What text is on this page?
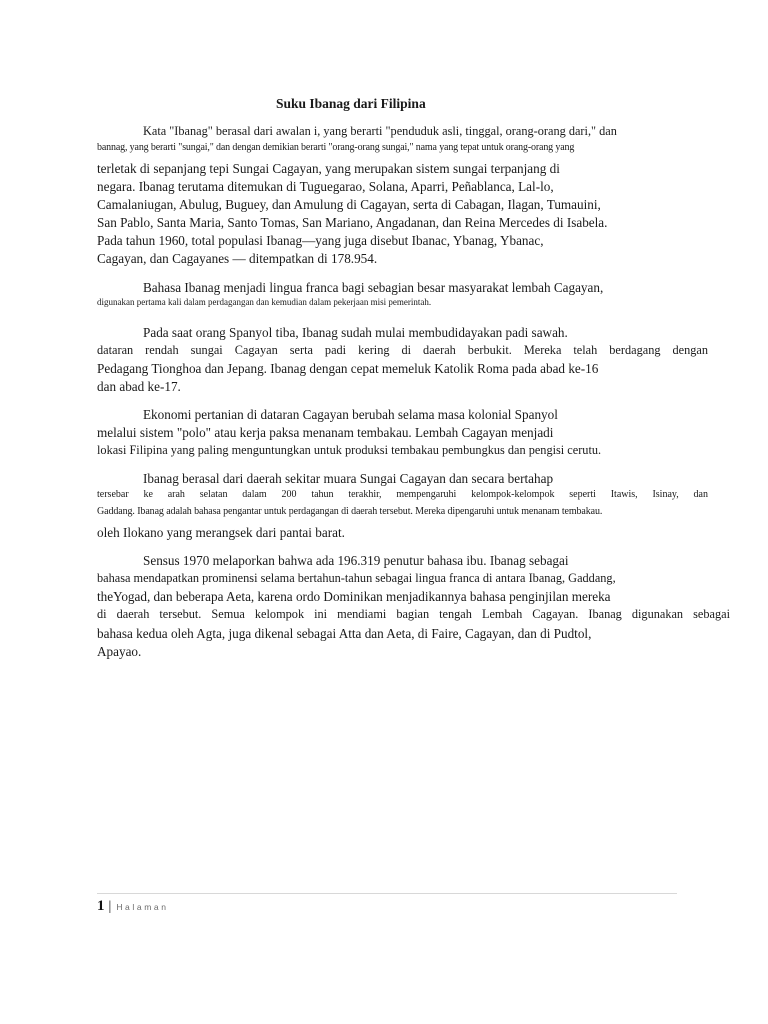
Suku Ibanag dari Filipina
Kata "Ibanag" berasal dari awalan i, yang berarti "penduduk asli, tinggal, orang-orang dari," dan
bannag, yang berarti "sungai," dan dengan demikian berarti "orang-orang sungai," nama yang tepat untuk orang-orang yang
terletak di sepanjang tepi Sungai Cagayan, yang merupakan sistem sungai terpanjang di
negara. Ibanag terutama ditemukan di Tuguegarao, Solana, Aparri, Peñablanca, Lal-lo,
Camalaniugan, Abulug, Buguey, dan Amulung di Cagayan, serta di Cabagan, Ilagan, Tumauini,
San Pablo, Santa Maria, Santo Tomas, San Mariano, Angadanan, dan Reina Mercedes di Isabela.
Pada tahun 1960, total populasi Ibanag—yang juga disebut Ibanac, Ybanag, Ybanac,
Cagayan, dan Cagayanes — ditempatkan di 178.954.
Bahasa Ibanag menjadi lingua franca bagi sebagian besar masyarakat lembah Cagayan,
digunakan pertama kali dalam perdagangan dan kemudian dalam pekerjaan misi pemerintah.
Pada saat orang Spanyol tiba, Ibanag sudah mulai membudidayakan padi sawah.
dataran rendah sungai Cagayan serta padi kering di daerah berbukit. Mereka telah berdagang dengan
Pedagang Tionghoa dan Jepang. Ibanag dengan cepat memeluk Katolik Roma pada abad ke-16
dan abad ke-17.
Ekonomi pertanian di dataran Cagayan berubah selama masa kolonial Spanyol
melalui sistem "polo" atau kerja paksa menanam tembakau. Lembah Cagayan menjadi
lokasi Filipina yang paling menguntungkan untuk produksi tembakau pembungkus dan pengisi cerutu.
Ibanag berasal dari daerah sekitar muara Sungai Cagayan dan secara bertahap
tersebar ke arah selatan dalam 200 tahun terakhir, mempengaruhi kelompok-kelompok seperti Itawis, Isinay, dan
Gaddang. Ibanag adalah bahasa pengantar untuk perdagangan di daerah tersebut. Mereka dipengaruhi untuk menanam tembakau.
oleh Ilokano yang merangsek dari pantai barat.
Sensus 1970 melaporkan bahwa ada 196.319 penutur bahasa ibu. Ibanag sebagai
bahasa mendapatkan prominensi selama bertahun-tahun sebagai lingua franca di antara Ibanag, Gaddang,
theYogad, dan beberapa Aeta, karena ordo Dominikan menjadikannya bahasa penginjilan mereka
di daerah tersebut. Semua kelompok ini mendiami bagian tengah Lembah Cagayan. Ibanag digunakan sebagai
bahasa kedua oleh Agta, juga dikenal sebagai Atta dan Aeta, di Faire, Cagayan, dan di Pudtol,
Apayao.
1 | Halaman
